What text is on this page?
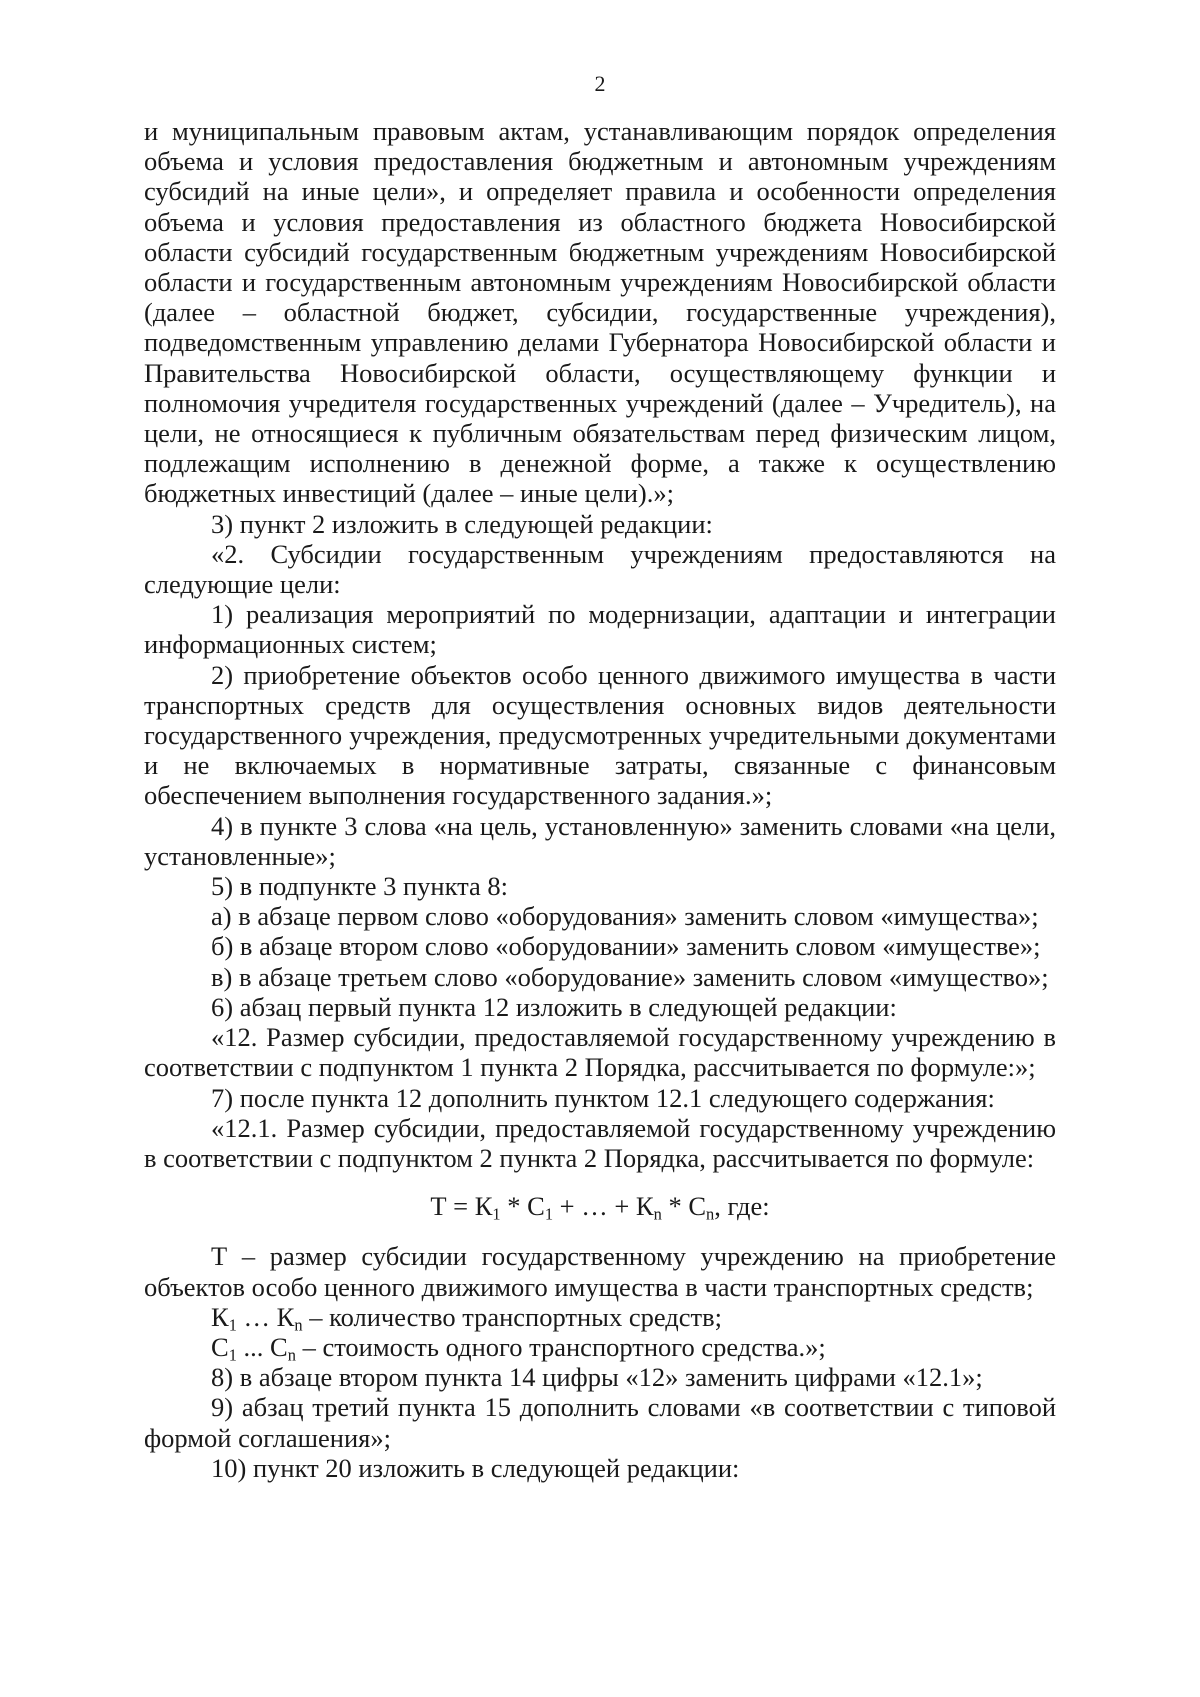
2

и муниципальным правовым актам, устанавливающим порядок определения объема и условия предоставления бюджетным и автономным учреждениям субсидий на иные цели», и определяет правила и особенности определения объема и условия предоставления из областного бюджета Новосибирской области субсидий государственным бюджетным учреждениям Новосибирской области и государственным автономным учреждениям Новосибирской области (далее – областной бюджет, субсидии, государственные учреждения), подведомственным управлению делами Губернатора Новосибирской области и Правительства Новосибирской области, осуществляющему функции и полномочия учредителя государственных учреждений (далее – Учредитель), на цели, не относящиеся к публичным обязательствам перед физическим лицом, подлежащим исполнению в денежной форме, а также к осуществлению бюджетных инвестиций (далее – иные цели).»;

3) пункт 2 изложить в следующей редакции:

«2. Субсидии государственным учреждениям предоставляются на следующие цели:

1) реализация мероприятий по модернизации, адаптации и интеграции информационных систем;

2) приобретение объектов особо ценного движимого имущества в части транспортных средств для осуществления основных видов деятельности государственного учреждения, предусмотренных учредительными документами и не включаемых в нормативные затраты, связанные с финансовым обеспечением выполнения государственного задания.»;

4) в пункте 3 слова «на цель, установленную» заменить словами «на цели, установленные»;

5) в подпункте 3 пункта 8:

а) в абзаце первом слово «оборудования» заменить словом «имущества»;

б) в абзаце втором слово «оборудовании» заменить словом «имуществе»;

в) в абзаце третьем слово «оборудование» заменить словом «имущество»;

6) абзац первый пункта 12 изложить в следующей редакции:

«12. Размер субсидии, предоставляемой государственному учреждению в соответствии с подпунктом 1 пункта 2 Порядка, рассчитывается по формуле:»;

7) после пункта 12 дополнить пунктом 12.1 следующего содержания:

«12.1. Размер субсидии, предоставляемой государственному учреждению в соответствии с подпунктом 2 пункта 2 Порядка, рассчитывается по формуле:

$Т = К_1 * С_1$ + … + $К_n * С_n$, где:

Т – размер субсидии государственному учреждению на приобретение объектов особо ценного движимого имущества в части транспортных средств;

$К_1$ … $К_n$ – количество транспортных средств;

$С_1$ ... $С_n$ – стоимость одного транспортного средства.»;

8) в абзаце втором пункта 14 цифры «12» заменить цифрами «12.1»;

9) абзац третий пункта 15 дополнить словами «в соответствии с типовой формой соглашения»;

10) пункт 20 изложить в следующей редакции:
